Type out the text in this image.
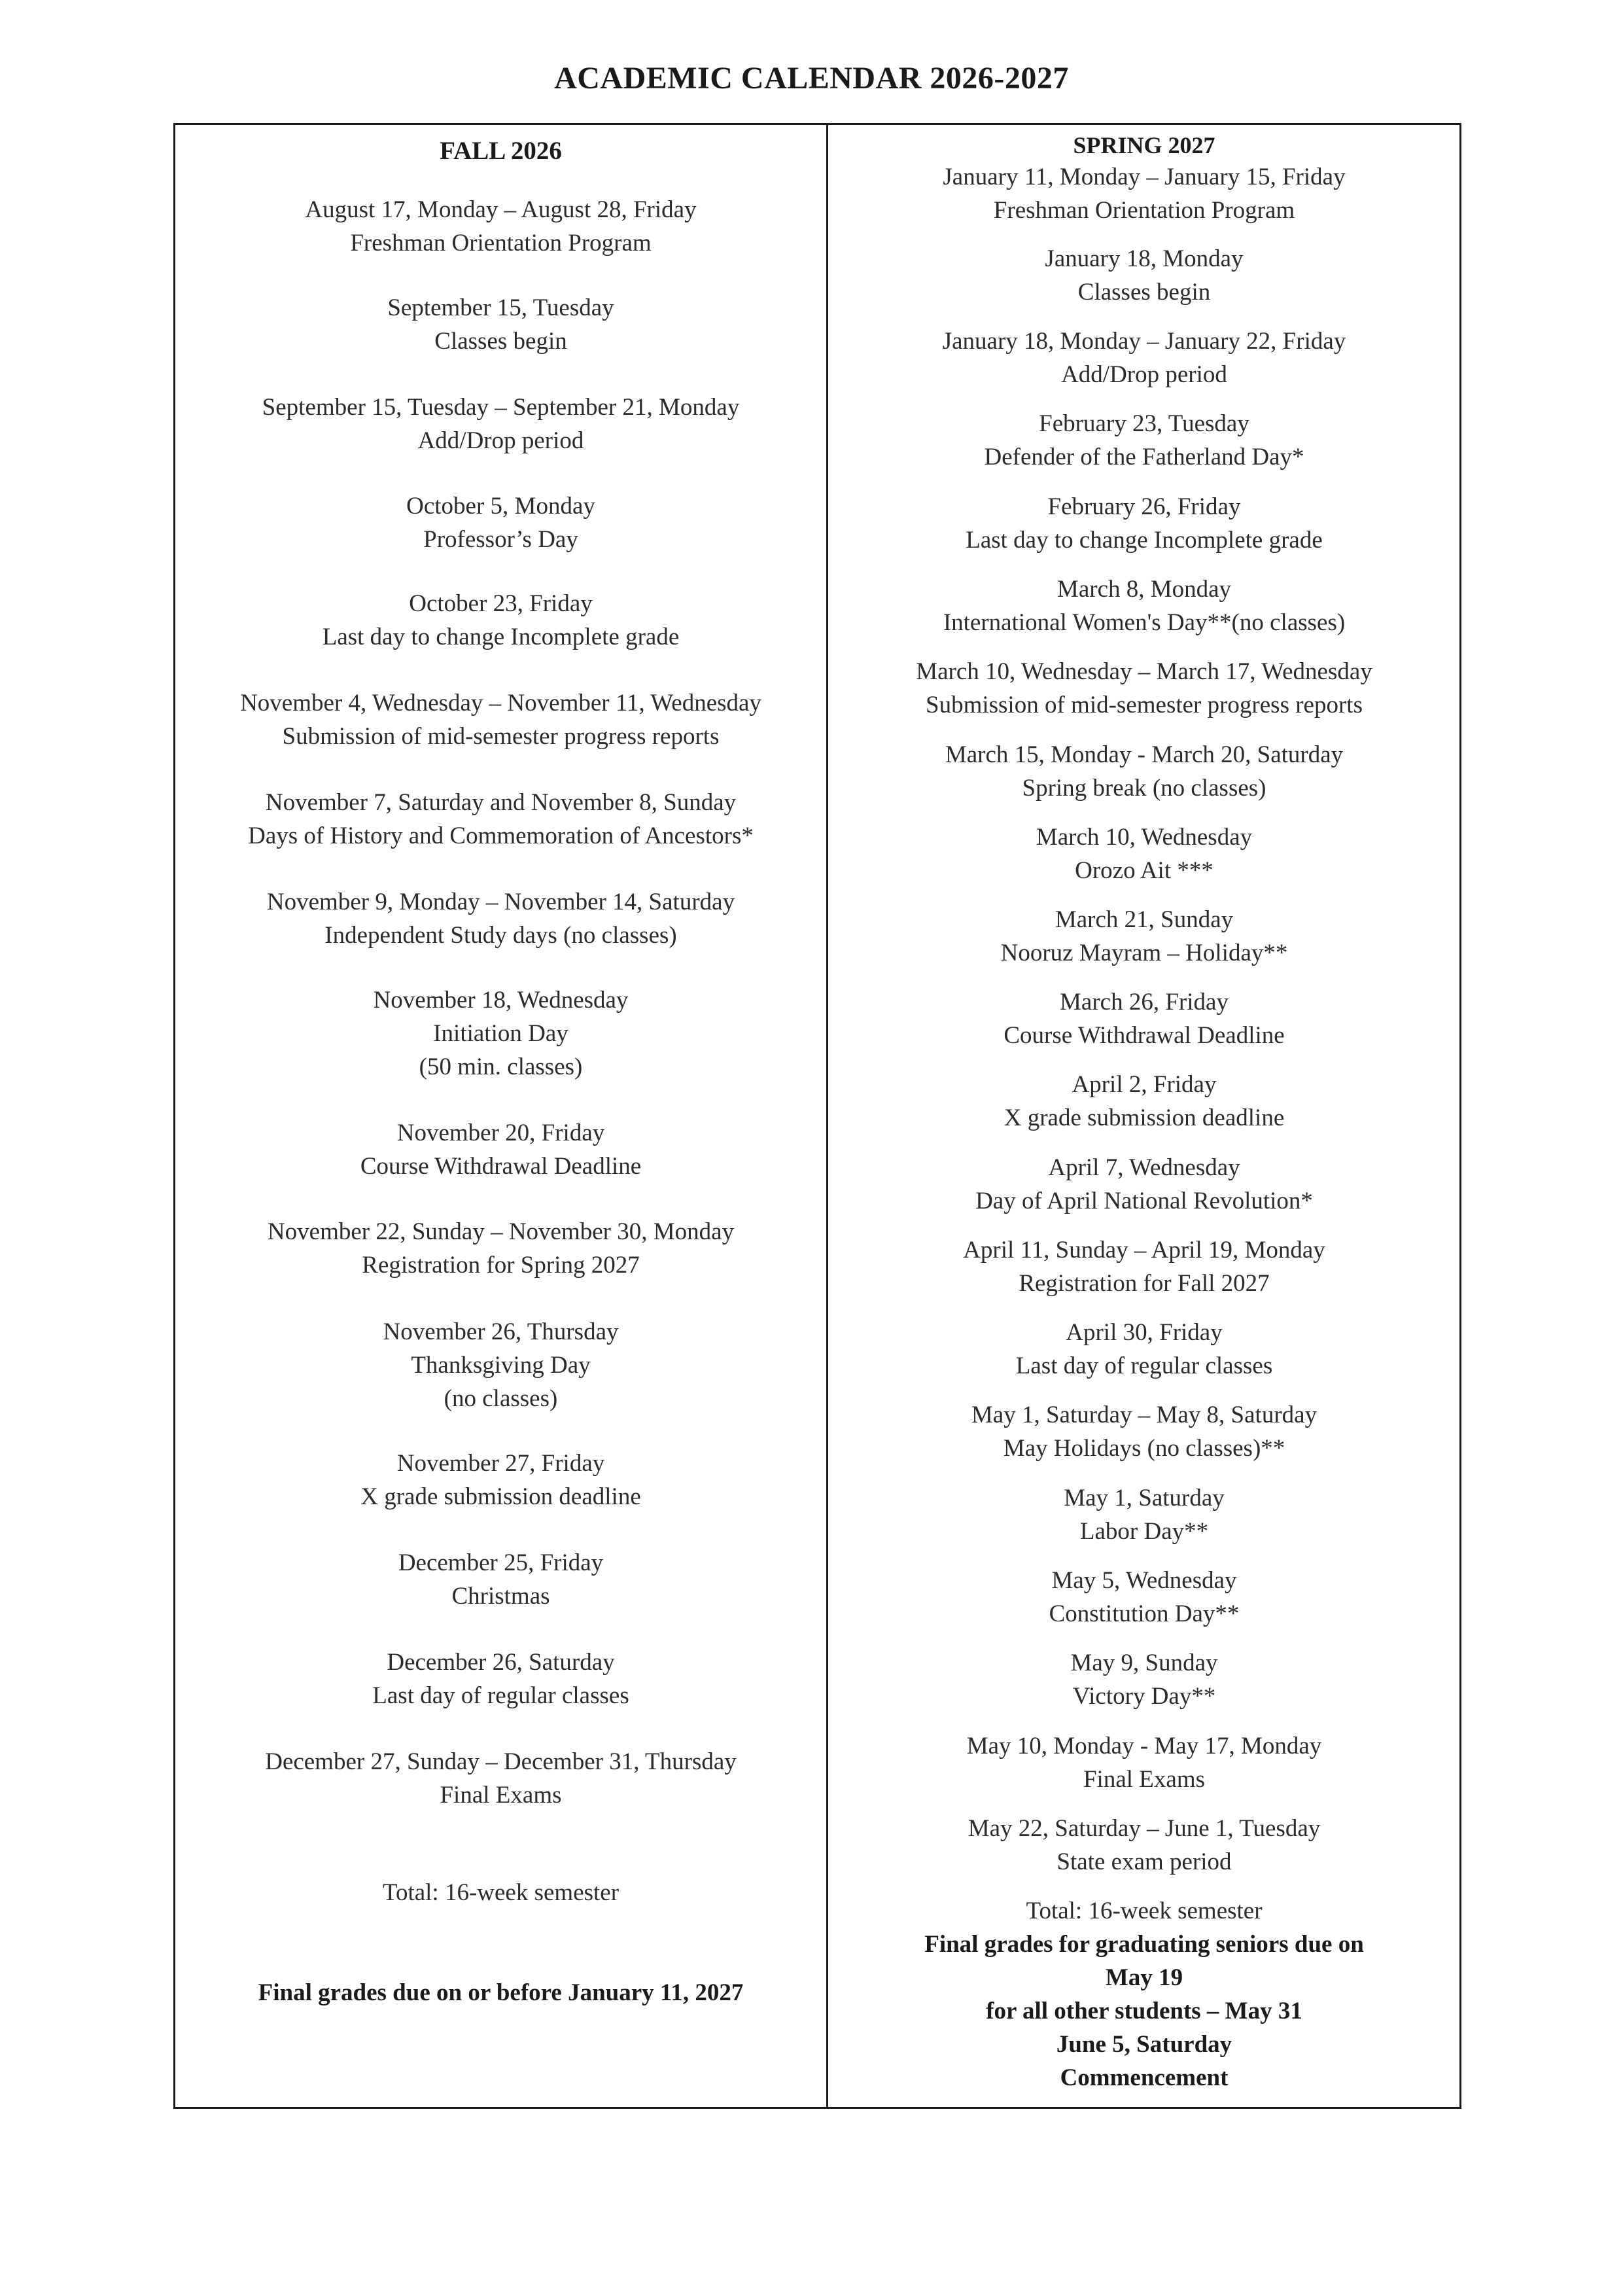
ACADEMIC CALENDAR 2026-2027
FALL 2026
August 17, Monday – August 28, Friday
Freshman Orientation Program
September 15, Tuesday
Classes begin
September 15, Tuesday – September 21, Monday
Add/Drop period
October 5, Monday
Professor’s Day
October 23, Friday
Last day to change Incomplete grade
November 4, Wednesday – November 11, Wednesday
Submission of mid-semester progress reports
November 7, Saturday and November 8, Sunday
Days of History and Commemoration of Ancestors*
November 9, Monday – November 14, Saturday
Independent Study days (no classes)
November 18, Wednesday
Initiation Day
(50 min. classes)
November 20, Friday
Course Withdrawal Deadline
November 22, Sunday – November 30, Monday
Registration for Spring 2027
November 26, Thursday
Thanksgiving Day
(no classes)
November 27, Friday
X grade submission deadline
December 25, Friday
Christmas
December 26, Saturday
Last day of regular classes
December 27, Sunday – December 31, Thursday
Final Exams
Total: 16-week semester
Final grades due on or before January 11, 2027
SPRING 2027
January 11, Monday – January 15, Friday
Freshman Orientation Program
January 18, Monday
Classes begin
January 18, Monday – January 22, Friday
Add/Drop period
February 23, Tuesday
Defender of the Fatherland Day*
February 26, Friday
Last day to change Incomplete grade
March 8, Monday
International Women's Day**(no classes)
March 10, Wednesday – March 17, Wednesday
Submission of mid-semester progress reports
March 15, Monday - March 20, Saturday
Spring break (no classes)
March 10, Wednesday
Orozo Ait ***
March 21, Sunday
Nooruz Mayram – Holiday**
March 26, Friday
Course Withdrawal Deadline
April 2, Friday
X grade submission deadline
April 7, Wednesday
Day of April National Revolution*
April 11, Sunday – April 19, Monday
Registration for Fall 2027
April 30, Friday
Last day of regular classes
May 1, Saturday – May 8, Saturday
May Holidays (no classes)**
May 1, Saturday
Labor Day**
May 5, Wednesday
Constitution Day**
May 9, Sunday
Victory Day**
May 10, Monday - May 17, Monday
Final Exams
May 22, Saturday – June 1, Tuesday
State exam period
Total: 16-week semester
Final grades for graduating seniors due on
May 19
for all other students – May 31
June 5, Saturday
Commencement
